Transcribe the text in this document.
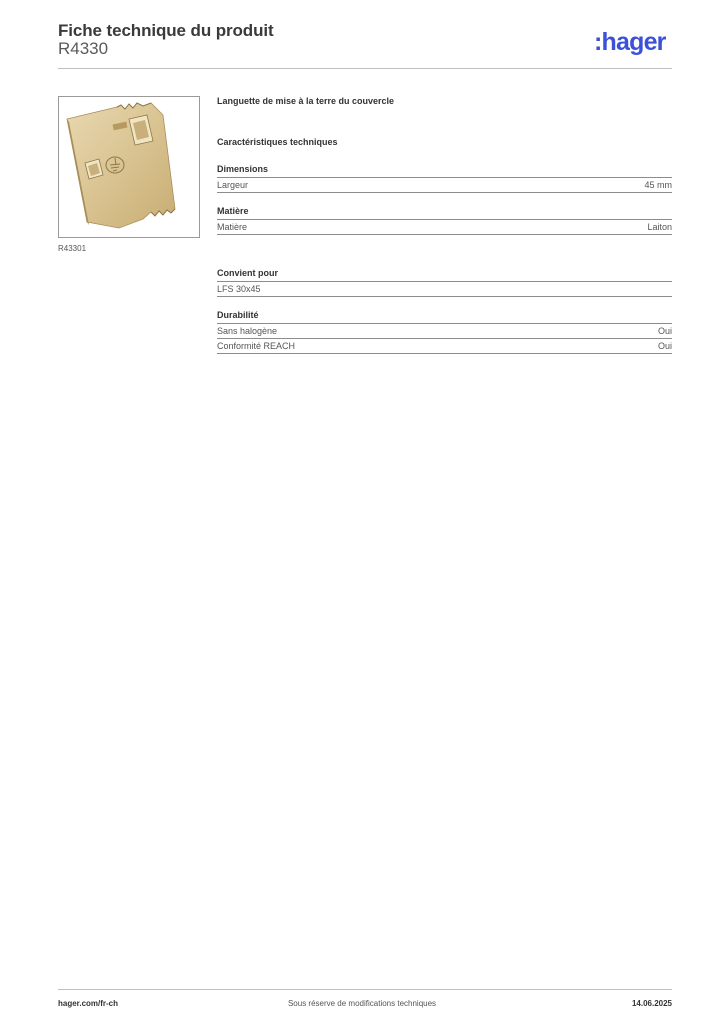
Fiche technique du produit
R4330	:hager
R43301
Languette de mise à la terre du couvercle
Caractéristiques techniques
Dimensions
Largeur	45 mm
Matière
Matière	Laiton
Convient pour
LFS 30x45
Durabilité
Sans halogène	Oui
Conformité REACH	Oui
hager.com/fr-ch	Sous réserve de modifications techniques	14.06.2025
